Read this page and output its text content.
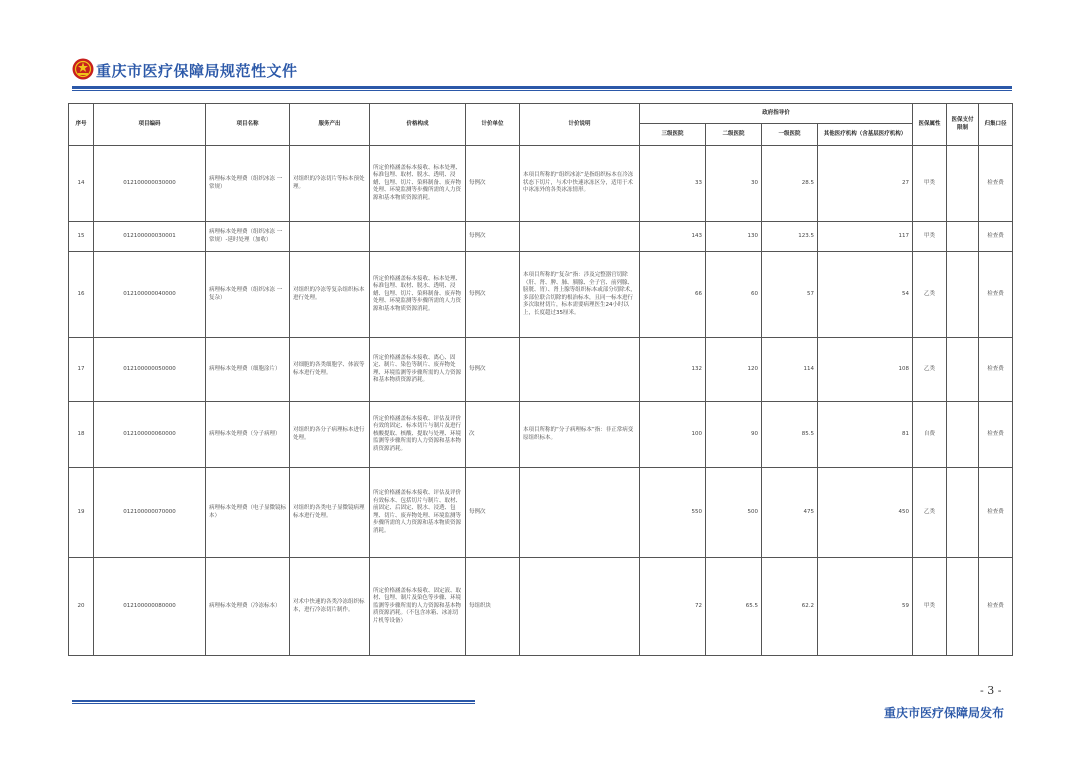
重庆市医疗保障局规范性文件
序号	项目编码	项目名称	服务产出	价格构成	计价单位	计价说明	政府指导价				医保属性	医保支付限制	归集口径
							三级医院	二级医院	一级医院	其他医疗机构（含基层医疗机构）			
14	012100000030000	病理标本处理费（组织冰冻 一常规）	对组织的冷冻切片等标本预处理。	所定价格涵盖标本接收、标本处理、标准包埋、取材、脱水、透明、浸蜡、包埋、切片、染料制备、废弃物处理、环境监测等步骤所需的人力资源和基本物质资源消耗。	每例次	本项目所称的“组织冰冻”是指组织标本在冷冻状态下切片，与术中快速冰冻区分，适用于术中冰冻外的各类冰冻情形。	33	30	28.5	27	甲类		检查费
15	012100000030001	病理标本处理费（组织冰冻 一常规）-延时处理（加收）			每例次		143	130	123.5	117	甲类		检查费
16	012100000040000	病理标本处理费（组织冰冻 一复杂）	对组织的冷冻等复杂组织标本进行处理。	所定价格涵盖标本接收、标本处理、标准包埋、取材、脱水、透明、浸蜡、包埋、切片、染料制备、废弃物处理、环境监测等步骤所需的人力资源和基本物质资源消耗。	每例次	本项目所称的“复杂”指：涉及完整器官切除（肝、肾、脾、肺、胰腺、全子宫、前列腺、膀胱、胃）、肾上腺等组织标本或部分切除术，多部位联合切除的根治标本，且同一标本进行多次取材切片，标本需要病理医生24小时以上，长度超过35厘米。	66	60	57	54	乙类		检查费
17	012100000050000	病理标本处理费（细胞涂片）	对细胞的各类细胞学、体液等标本进行处理。	所定价格涵盖标本接收、离心、固定、制片、染色等制片、废弃物处理、环境监测等步骤所需的人力资源和基本物质资源消耗。	每例次		132	120	114	108	乙类		检查费
18	012100000060000	病理标本处理费（分子病理）	对组织的各分子病理标本进行处理。	所定价格涵盖标本接收、评估及评价有效的固定、标本切片与制片及进行核酸提取、核酸、提取与处理、环境监测等步骤所需的人力资源和基本物质资源消耗。	次	本项目所称的“分子病理标本”指：非正常病变原组织标本。	100	90	85.5	81	自费		检查费
19	012100000070000	病理标本处理费（电子显微镜标本）	对组织的各类电子显微镜病理标本进行处理。	所定价格涵盖标本接收、评估及评价有效标本、包括切片与制片、取材、前固定、后固定、脱水、浸透、包埋、切片、废弃物处理、环境监测等步骤所需的人力资源和基本物质资源消耗。	每例次		550	500	475	450	乙类		检查费
20	012100000080000	病理标本处理费（冷冻标本）	对术中快速的各类冷冻组织标本，进行冷冻切片制作。	所定价格涵盖标本接收、固定液、取材、包埋、制片及染色等步骤、环境监测等步骤所需的人力资源和基本物质资源消耗。（不包含冰箱、冰冻切片机等设备）	每组织块		72	65.5	62.2	59	甲类		检查费
- 3 -
重庆市医疗保障局发布
